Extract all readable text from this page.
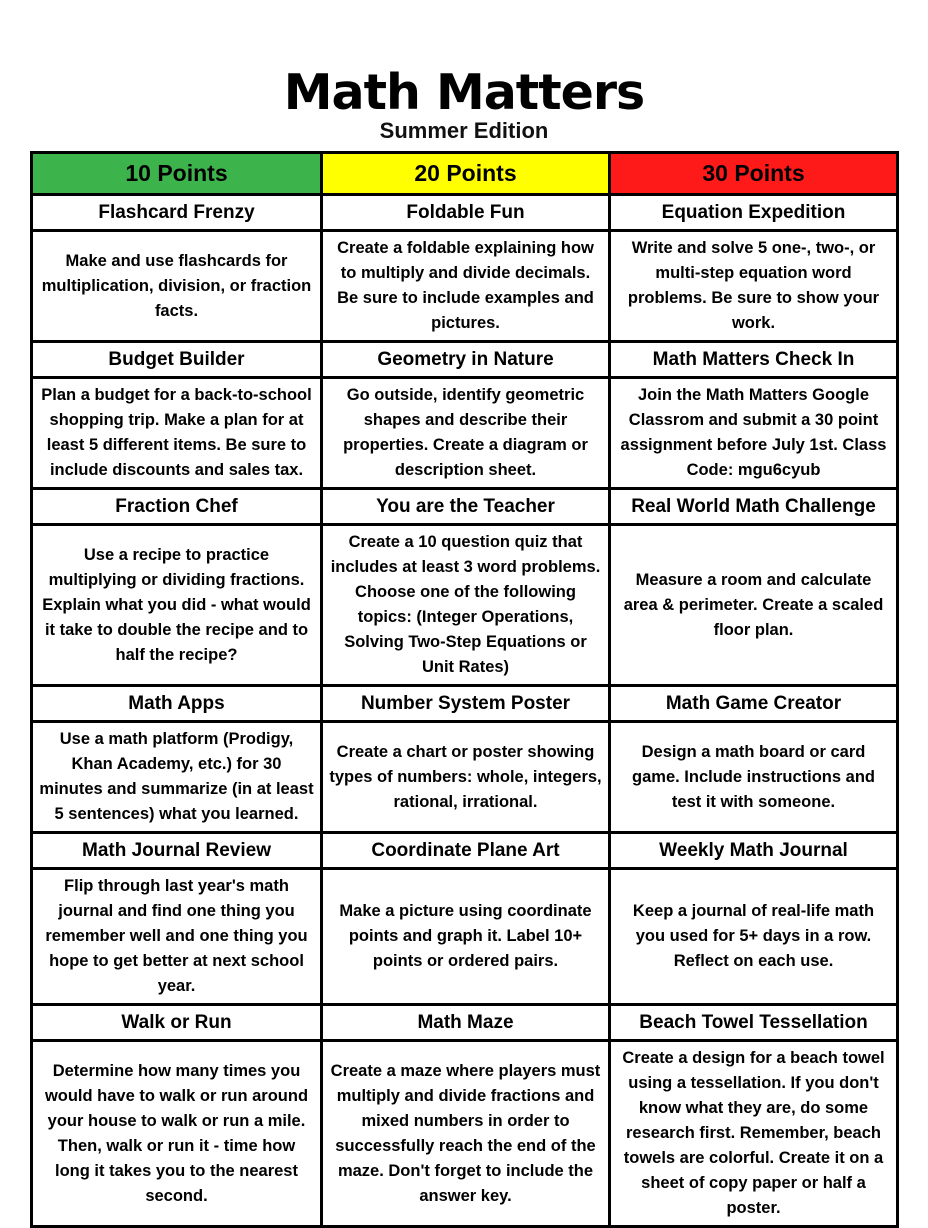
Math Matters
Summer Edition
10 Points	20 Points	30 Points
Flashcard Frenzy	Foldable Fun	Equation Expedition
Make and use flashcards for multiplication, division, or fraction facts.	Create a foldable explaining how to multiply and divide decimals. Be sure to include examples and pictures.	Write and solve 5 one-, two-, or multi-step equation word problems. Be sure to show your work.
Budget Builder	Geometry in Nature	Math Matters Check In
Plan a budget for a back-to-school shopping trip. Make a plan for at least 5 different items. Be sure to include discounts and sales tax.	Go outside, identify geometric shapes and describe their properties. Create a diagram or description sheet.	Join the Math Matters Google Classrom and submit a 30 point assignment before July 1st. Class Code: mgu6cyub
Fraction Chef	You are the Teacher	Real World Math Challenge
Use a recipe to practice multiplying or dividing fractions. Explain what you did - what would it take to double the recipe and to half the recipe?	Create a 10 question quiz that includes at least 3 word problems. Choose one of the following topics: (Integer Operations, Solving Two-Step Equations or Unit Rates)	Measure a room and calculate area & perimeter. Create a scaled floor plan.
Math Apps	Number System Poster	Math Game Creator
Use a math platform (Prodigy, Khan Academy, etc.) for 30 minutes and summarize (in at least 5 sentences) what you learned.	Create a chart or poster showing types of numbers: whole, integers, rational, irrational.	Design a math board or card game. Include instructions and test it with someone.
Math Journal Review	Coordinate Plane Art	Weekly Math Journal
Flip through last year's math journal and find one thing you remember well and one thing you hope to get better at next school year.	Make a picture using coordinate points and graph it. Label 10+ points or ordered pairs.	Keep a journal of real-life math you used for 5+ days in a row. Reflect on each use.
Walk or Run	Math Maze	Beach Towel Tessellation
Determine how many times you would have to walk or run around your house to walk or run a mile. Then, walk or run it - time how long it takes you to the nearest second.	Create a maze where players must multiply and divide fractions and mixed numbers in order to successfully reach the end of the maze. Don't forget to include the answer key.	Create a design for a beach towel using a tessellation. If you don't know what they are, do some research first. Remember, beach towels are colorful. Create it on a sheet of copy paper or half a poster.
